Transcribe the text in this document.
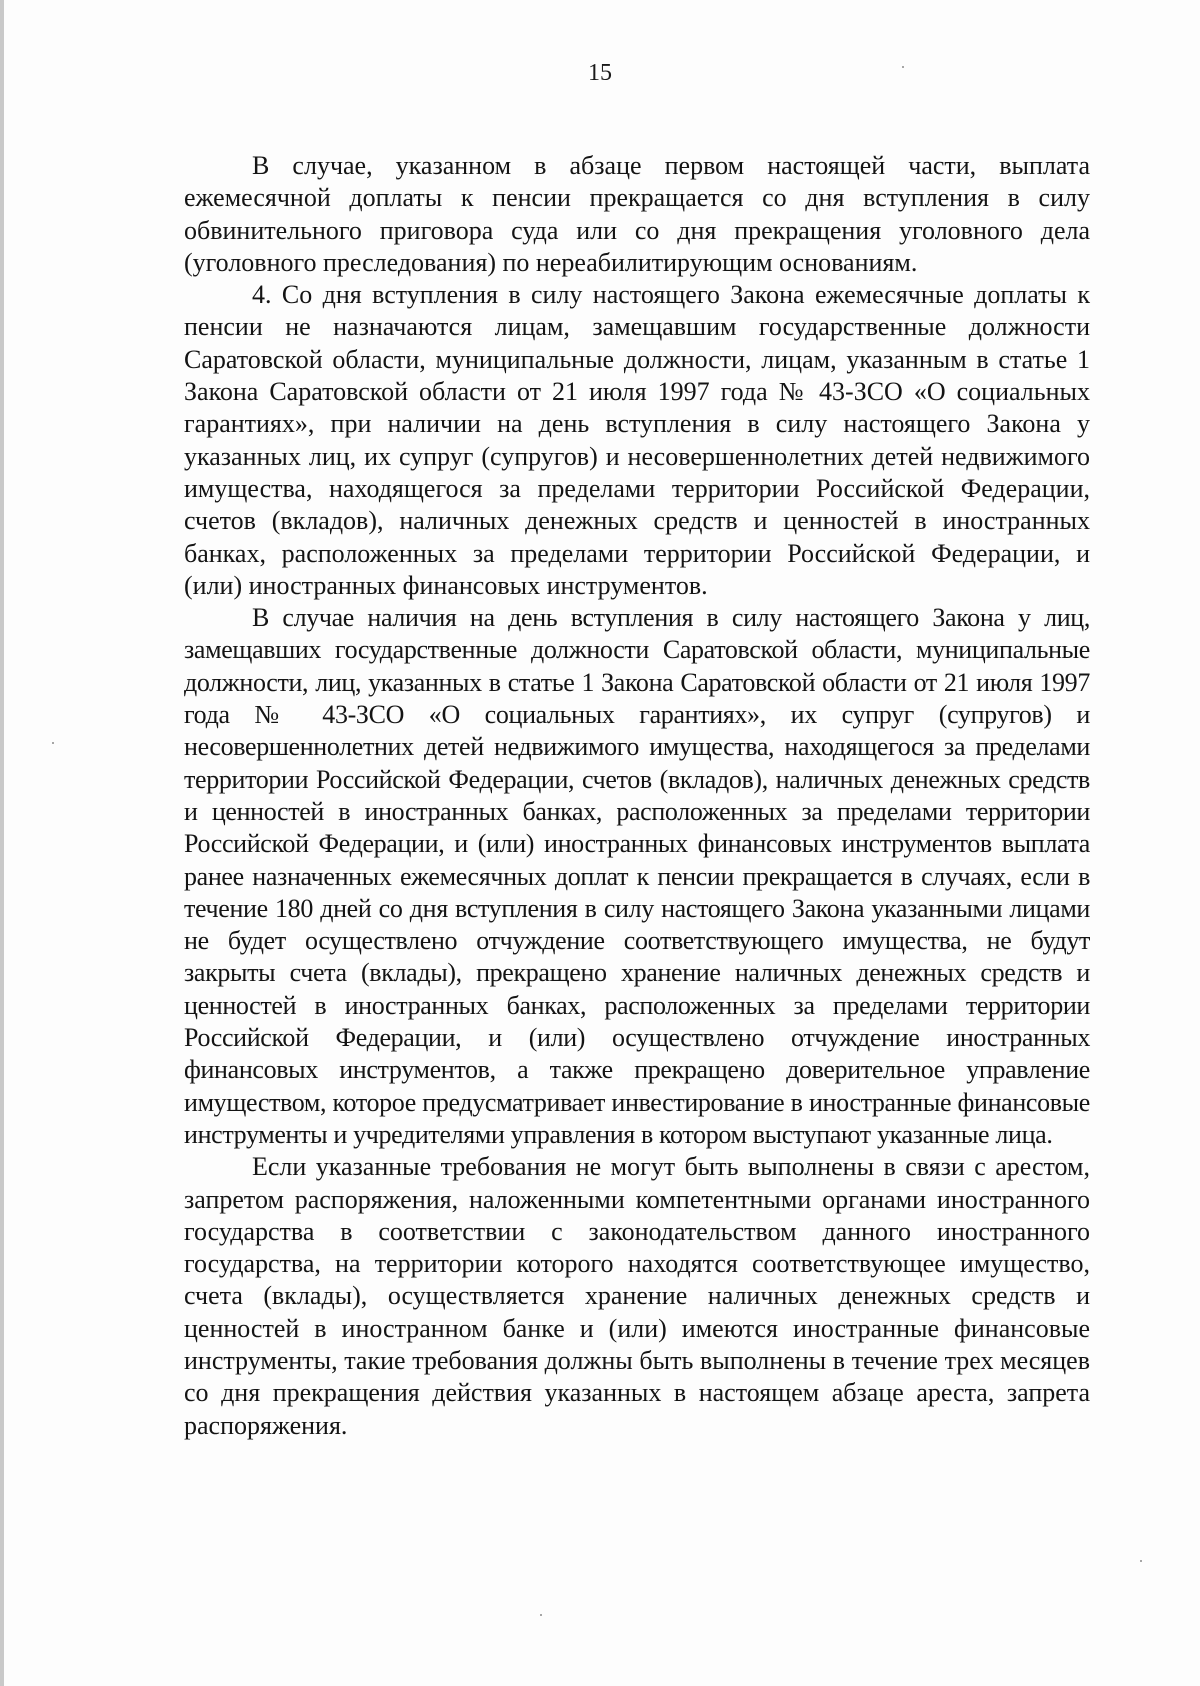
15

В случае, указанном в абзаце первом настоящей части, выплата ежемесячной доплаты к пенсии прекращается со дня вступления в силу обвинительного приговора суда или со дня прекращения уголовного дела (уголовного преследования) по нереабилитирующим основаниям.

4. Со дня вступления в силу настоящего Закона ежемесячные доплаты к пенсии не назначаются лицам, замещавшим государственные должности Саратовской области, муниципальные должности, лицам, указанным в статье 1 Закона Саратовской области от 21 июля 1997 года № 43-ЗСО «О социальных гарантиях», при наличии на день вступления в силу настоящего Закона у указанных лиц, их супруг (супругов) и несовершеннолетних детей недвижимого имущества, находящегося за пределами территории Российской Федерации, счетов (вкладов), наличных денежных средств и ценностей в иностранных банках, расположенных за пределами территории Российской Федерации, и (или) иностранных финансовых инструментов.

В случае наличия на день вступления в силу настоящего Закона у лиц, замещавших государственные должности Саратовской области, муниципальные должности, лиц, указанных в статье 1 Закона Саратовской области от 21 июля 1997 года № 43-ЗСО «О социальных гарантиях», их супруг (супругов) и несовершеннолетних детей недвижимого имущества, находящегося за пределами территории Российской Федерации, счетов (вкладов), наличных денежных средств и ценностей в иностранных банках, расположенных за пределами территории Российской Федерации, и (или) иностранных финансовых инструментов выплата ранее назначенных ежемесячных доплат к пенсии прекращается в случаях, если в течение 180 дней со дня вступления в силу настоящего Закона указанными лицами не будет осуществлено отчуждение соответствующего имущества, не будут закрыты счета (вклады), прекращено хранение наличных денежных средств и ценностей в иностранных банках, расположенных за пределами территории Российской Федерации, и (или) осуществлено отчуждение иностранных финансовых инструментов, а также прекращено доверительное управление имуществом, которое предусматривает инвестирование в иностранные финансовые инструменты и учредителями управления в котором выступают указанные лица.

Если указанные требования не могут быть выполнены в связи с арестом, запретом распоряжения, наложенными компетентными органами иностранного государства в соответствии с законодательством данного иностранного государства, на территории которого находятся соответствующее имущество, счета (вклады), осуществляется хранение наличных денежных средств и ценностей в иностранном банке и (или) имеются иностранные финансовые инструменты, такие требования должны быть выполнены в течение трех месяцев со дня прекращения действия указанных в настоящем абзаце ареста, запрета распоряжения.
